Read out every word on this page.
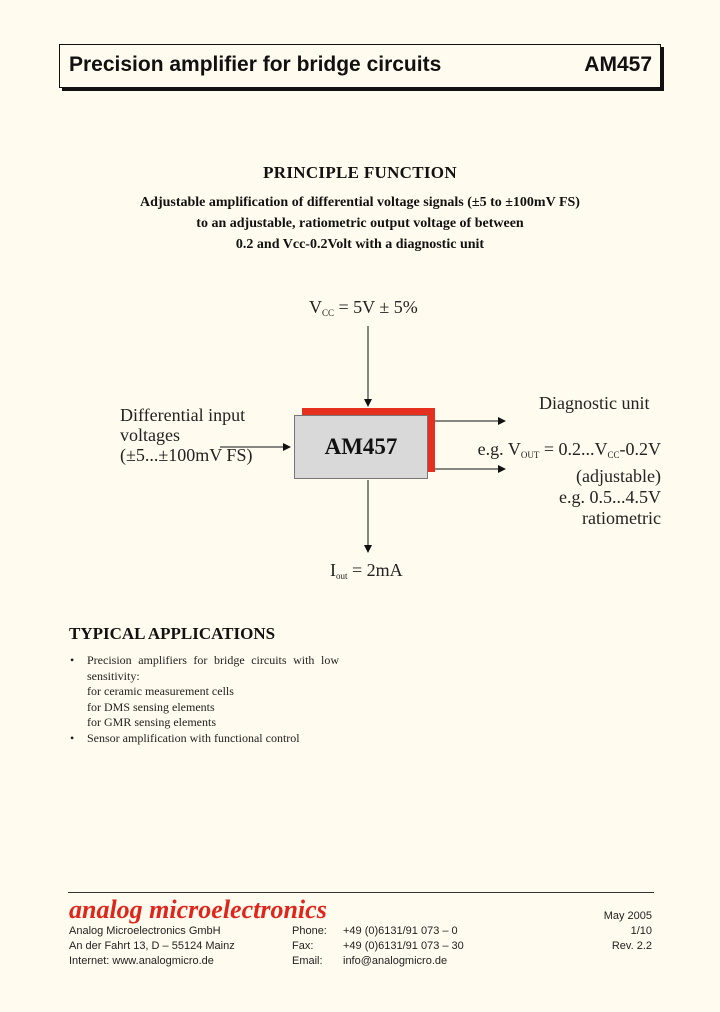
Precision amplifier for bridge circuits	AM457
PRINCIPLE FUNCTION
Adjustable amplification of differential voltage signals (±5 to ±100mV FS)
to an adjustable, ratiometric output voltage of between
0.2 and Vcc-0.2Volt with a diagnostic unit
$V_{CC} = 5V \pm 5\%$
Differential input
voltages
(±5...±100mV FS)	AM457
Diagnostic unit
e.g. $V_{OUT} = 0.2...V_{CC}-0.2V$
(adjustable)
e.g. 0.5...4.5V
ratiometric
$I_{out} = 2mA$
TYPICAL APPLICATIONS
• Precision amplifiers for bridge circuits with low sensitivity:
for ceramic measurement cells
for DMS sensing elements
for GMR sensing elements
• Sensor amplification with functional control
analog microelectronics
Analog Microelectronics GmbH
An der Fahrt 13, D – 55124 Mainz
Internet: www.analogmicro.de
Phone:
Fax:
Email:
+49 (0)6131/91 073 – 0
+49 (0)6131/91 073 – 30
info@analogmicro.de
May 2005
1/10
Rev. 2.2
